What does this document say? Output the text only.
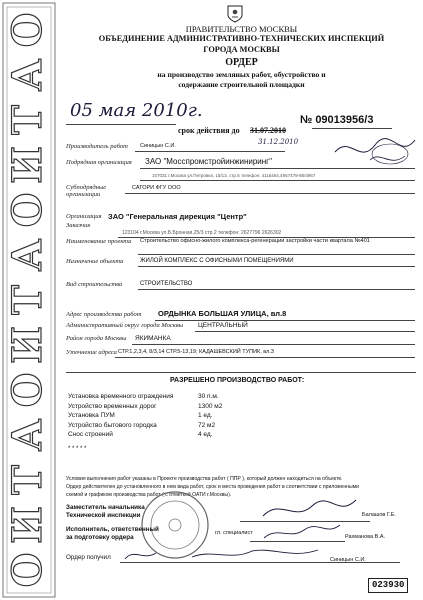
О
А
Т
И
О
А
Т
И
О
А
Т
И
О
ПРАВИТЕЛЬСТВО МОСКВЫ
ОБЪЕДИНЕНИЕ АДМИНИСТРАТИВНО-ТЕХНИЧЕСКИХ ИНСПЕКЦИЙ
ГОРОДА МОСКВЫ
ОРДЕР
на производство земляных работ, обустройство и
содержание строительной площадки
05 мая 2010г.
срок действия до 31.07.2010
31.12.2010
№ 09013956/3
Производитель работ Синицын С.И.
Подрядная организация ЗАО "Мосспромстройинжиниринг"
107031 г.Москва ул.Петровка, 15/13, стр.5 телефон: 4116464,4957479-85/4967
Субподрядные организации
САТОРИ ФГУ ООО
Организация ЗАО "Генеральная дирекция "Центр"
Заказчик
123104 г.Москва ул.Б.Бронная,25/3 стр.2 телефон: 2627796 2626302
Наименование проекта Строительство офисно-жилого комплекса-регенерации застройки части квартала №401
Назначение объекта	ЖИЛОЙ КОМПЛЕКС С ОФИСНЫМИ ПОМЕЩЕНИЯМИ
Вид строительства	СТРОИТЕЛЬСТВО
Адрес производства работ ОРДЫНКА БОЛЬШАЯ УЛИЦА, вл.8
Административный округ города Москвы ЦЕНТРАЛЬНЫЙ
Район города Москвы ЯКИМАНКА
Уточнение адреса СТР.1,2,3,4, 8/3,14 СТР.5-13,19; КАДАШЕВСКИЙ ТУПИК, вл.3
РАЗРЕШЕНО ПРОИЗВОДСТВО РАБОТ:
Установка временного ограждения	30 п.м.
Устройство временных дорог	1300 м2
Установка ПУМ	1 ед.
Устройство бытового городка	72 м2
Снос строений	4 ед.
* * * * *
Условия выполнения работ указаны в Проекте производства работ ( ППР ), который должен находиться на объекте.
Ордер действителен до установленного в нем вида работ, срок и места проведения работ в соответствии с приложенными
схемой и графиком производства работ ( с отметкой ОАТИ г.Москвы).
Заместитель начальника
Технической инспекции	Балашов Г.Е.
Исполнитель, ответственный
за подготовку ордера
гл. специалист
Рахманова В.А.
Ордер получил	Синицын С.И.
023930
